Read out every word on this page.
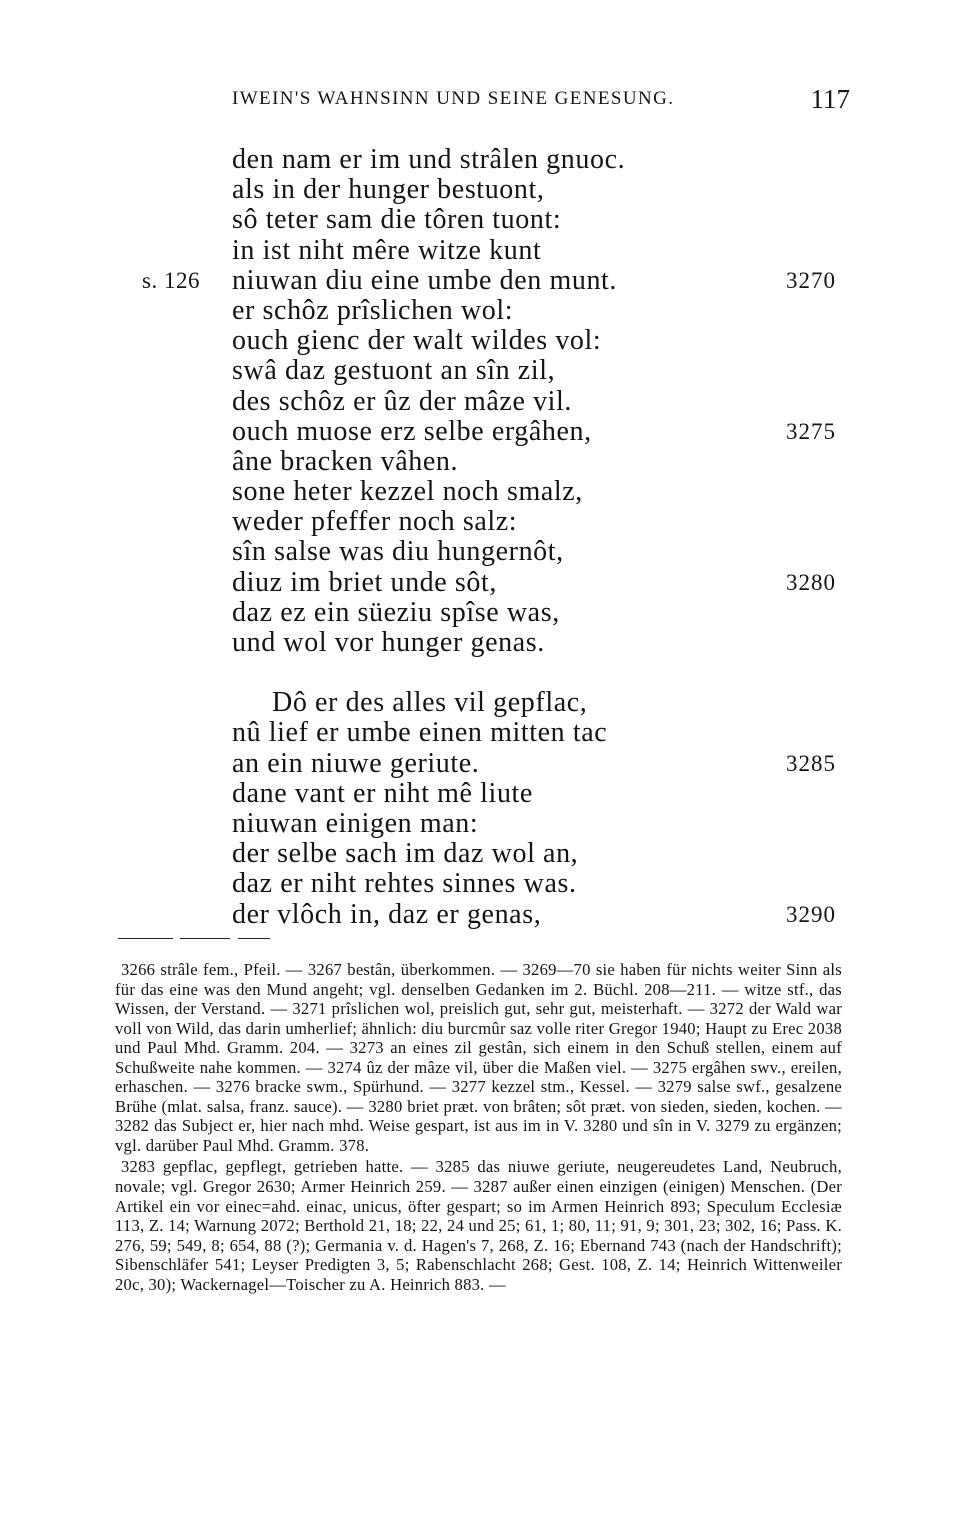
IWEIN'S WAHNSINN UND SEINE GENESUNG.	117
den nam er im und strâlen gnuoc.
als in der hunger bestuont,
sô teter sam die tôren tuont:
in ist niht mêre witze kunt
s. 126 niuwan diu eine umbe den munt.	3270
er schôz prîslichen wol:
ouch gienc der walt wildes vol:
swâ daz gestuont an sîn zil,
des schôz er ûz der mâze vil.
ouch muose erz selbe ergâhen,	3275
âne bracken vâhen.
sone heter kezzel noch smalz,
weder pfeffer noch salz:
sîn salse was diu hungernôt,
diuz im briet unde sôt,	3280
daz ez ein süeziu spîse was,
und wol vor hunger genas.
Dô er des alles vil gepflac,
nû lief er umbe einen mitten tac
an ein niuwe geriute.	3285
dane vant er niht mê liute
niuwan einigen man:
der selbe sach im daz wol an,
daz er niht rehtes sinnes was.
der vlôch in, daz er genas,	3290

3266 strâle fem., Pfeil. — 3267 bestân, überkommen. — 3269—70 sie haben für nichts weiter Sinn als für das eine was den Mund angeht; vgl. denselben Gedanken im 2. Büchl. 208—211. — witze stf., das Wissen, der Verstand. — 3271 prîslichen wol, preislich gut, sehr gut, meisterhaft. — 3272 der Wald war voll von Wild, das darin umherlief; ähnlich: diu burcmûr saz volle riter Gregor 1940; Haupt zu Erec 2038 und Paul Mhd. Gramm. 204. — 3273 an eines zil gestân, sich einem in den Schuß stellen, einem auf Schußweite nahe kommen. — 3274 ûz der mâze vil, über die Maßen viel. — 3275 ergâhen swv., ereilen, erhaschen. — 3276 bracke swm., Spürhund. — 3277 kezzel stm., Kessel. — 3279 salse swf., gesalzene Brühe (mlat. salsa, franz. sauce). — 3280 briet præt. von brâten; sôt præt. von sieden, sieden, kochen. — 3282 das Subject er, hier nach mhd. Weise gespart, ist aus im in V. 3280 und sîn in V. 3279 zu ergänzen; vgl. darüber Paul Mhd. Gramm. 378.

3283 gepflac, gepflegt, getrieben hatte. — 3285 das niuwe geriute, neugereudetes Land, Neubruch, novale; vgl. Gregor 2630; Armer Heinrich 259. — 3287 außer einen einzigen (einigen) Menschen. (Der Artikel ein vor einec=ahd. einac, unicus, öfter gespart; so im Armen Heinrich 893; Speculum Ecclesiæ 113, Z. 14; Warnung 2072; Berthold 21, 18; 22, 24 und 25; 61, 1; 80, 11; 91, 9; 301, 23; 302, 16; Pass. K. 276, 59; 549, 8; 654, 88 (?); Germania v. d. Hagen's 7, 268, Z. 16; Ebernand 743 (nach der Handschrift); Sibenschläfer 541; Leyser Predigten 3, 5; Rabenschlacht 268; Gest. 108, Z. 14; Heinrich Wittenweiler 20c, 30); Wackernagel—Toischer zu A. Heinrich 883. —
